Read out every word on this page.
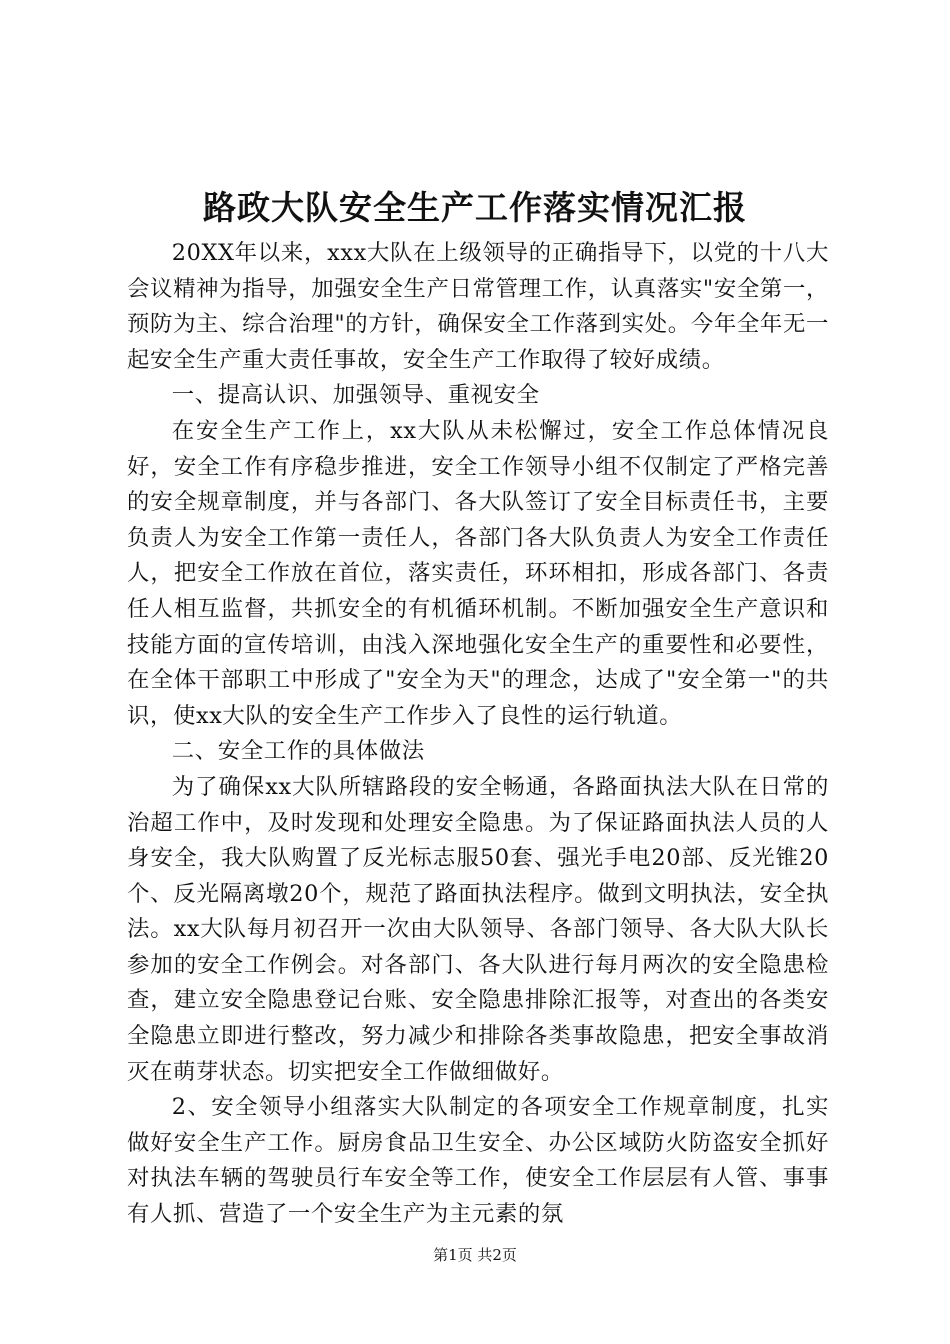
路政大队安全生产工作落实情况汇报

20XX年以来，xxx大队在上级领导的正确指导下，以党的十八大会议精神为指导，加强安全生产日常管理工作，认真落实"安全第一，预防为主、综合治理"的方针，确保安全工作落到实处。今年全年无一起安全生产重大责任事故，安全生产工作取得了较好成绩。

一、提高认识、加强领导、重视安全

在安全生产工作上，xx大队从未松懈过，安全工作总体情况良好，安全工作有序稳步推进，安全工作领导小组不仅制定了严格完善的安全规章制度，并与各部门、各大队签订了安全目标责任书，主要负责人为安全工作第一责任人，各部门各大队负责人为安全工作责任人，把安全工作放在首位，落实责任，环环相扣，形成各部门、各责任人相互监督，共抓安全的有机循环机制。不断加强安全生产意识和技能方面的宣传培训，由浅入深地强化安全生产的重要性和必要性，在全体干部职工中形成了"安全为天"的理念，达成了"安全第一"的共识，使xx大队的安全生产工作步入了良性的运行轨道。

二、安全工作的具体做法

为了确保xx大队所辖路段的安全畅通，各路面执法大队在日常的治超工作中，及时发现和处理安全隐患。为了保证路面执法人员的人身安全，我大队购置了反光标志服50套、强光手电20部、反光锥20个、反光隔离墩20个，规范了路面执法程序。做到文明执法，安全执法。xx大队每月初召开一次由大队领导、各部门领导、各大队大队长参加的安全工作例会。对各部门、各大队进行每月两次的安全隐患检查，建立安全隐患登记台账、安全隐患排除汇报等，对查出的各类安全隐患立即进行整改，努力减少和排除各类事故隐患，把安全事故消灭在萌芽状态。切实把安全工作做细做好。

2、安全领导小组落实大队制定的各项安全工作规章制度，扎实做好安全生产工作。厨房食品卫生安全、办公区域防火防盗安全抓好对执法车辆的驾驶员行车安全等工作，使安全工作层层有人管、事事有人抓、营造了一个安全生产为主元素的氛

第1页 共2页
